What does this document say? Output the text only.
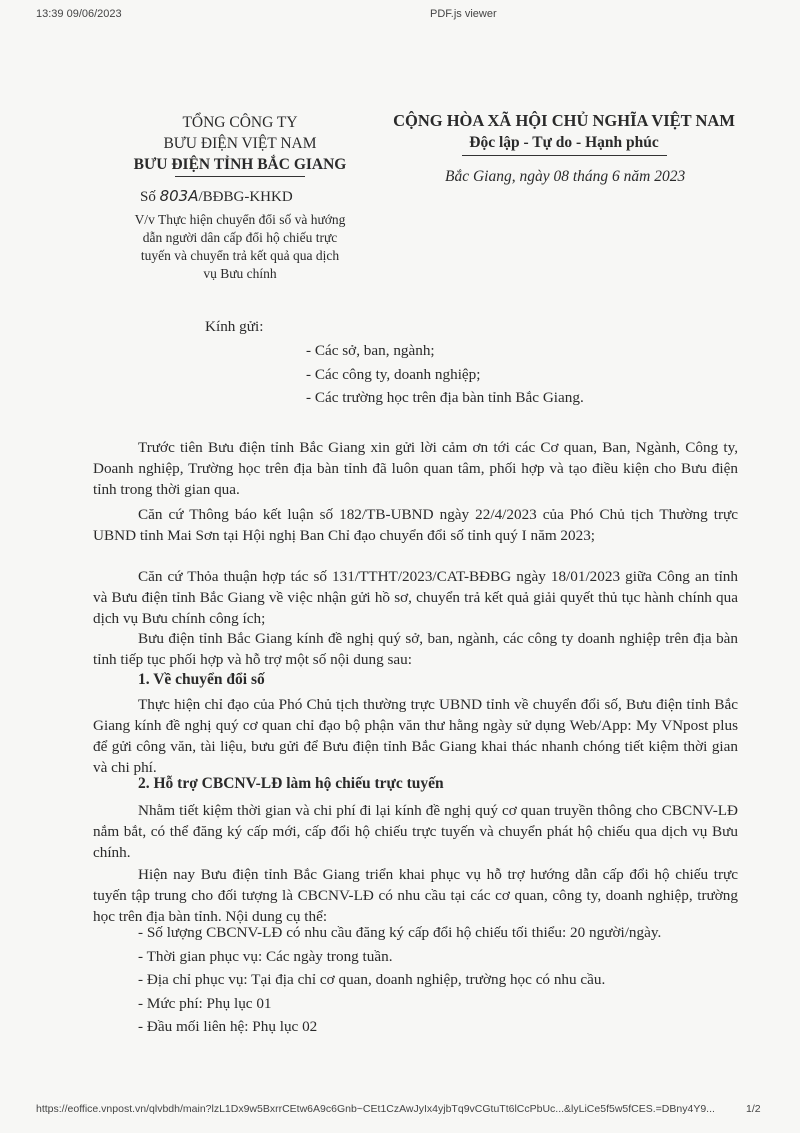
13:39 09/06/2023	PDF.js viewer
TỔNG CÔNG TY
BƯU ĐIỆN VIỆT NAM
BƯU ĐIỆN TỈNH BẮC GIANG
CỘNG HÒA XÃ HỘI CHỦ NGHĨA VIỆT NAM
Độc lập - Tự do - Hạnh phúc
Số 803A/BĐBG-KHKD
Bắc Giang, ngày 08 tháng 6 năm 2023
V/v Thực hiện chuyển đổi số và hướng
dẫn người dân cấp đổi hộ chiếu trực
tuyến và chuyển trả kết quả qua dịch
vụ Bưu chính
Kính gửi:
- Các sở, ban, ngành;
- Các công ty, doanh nghiệp;
- Các trường học trên địa bàn tỉnh Bắc Giang.
Trước tiên Bưu điện tỉnh Bắc Giang xin gửi lời cảm ơn tới các Cơ quan, Ban, Ngành, Công ty, Doanh nghiệp, Trường học trên địa bàn tỉnh đã luôn quan tâm, phối hợp và tạo điều kiện cho Bưu điện tỉnh trong thời gian qua.
Căn cứ Thông báo kết luận số 182/TB-UBND ngày 22/4/2023 của Phó Chủ tịch Thường trực UBND tỉnh Mai Sơn tại Hội nghị Ban Chỉ đạo chuyển đổi số tỉnh quý I năm 2023;
Căn cứ Thỏa thuận hợp tác số 131/TTHT/2023/CAT-BĐBG ngày 18/01/2023 giữa Công an tỉnh và Bưu điện tỉnh Bắc Giang về việc nhận gửi hồ sơ, chuyển trả kết quả giải quyết thủ tục hành chính qua dịch vụ Bưu chính công ích;
Bưu điện tỉnh Bắc Giang kính đề nghị quý sở, ban, ngành, các công ty doanh nghiệp trên địa bàn tỉnh tiếp tục phối hợp và hỗ trợ một số nội dung sau:
1. Về chuyển đổi số
Thực hiện chỉ đạo của Phó Chủ tịch thường trực UBND tỉnh về chuyển đổi số, Bưu điện tỉnh Bắc Giang kính đề nghị quý cơ quan chỉ đạo bộ phận văn thư hằng ngày sử dụng Web/App: My VNpost plus để gửi công văn, tài liệu, bưu gửi để Bưu điện tỉnh Bắc Giang khai thác nhanh chóng tiết kiệm thời gian và chi phí.
2. Hỗ trợ CBCNV-LĐ làm hộ chiếu trực tuyến
Nhằm tiết kiệm thời gian và chi phí đi lại kính đề nghị quý cơ quan truyền thông cho CBCNV-LĐ nắm bắt, có thể đăng ký cấp mới, cấp đổi hộ chiếu trực tuyến và chuyển phát hộ chiếu qua dịch vụ Bưu chính.
Hiện nay Bưu điện tỉnh Bắc Giang triển khai phục vụ hỗ trợ hướng dẫn cấp đổi hộ chiếu trực tuyến tập trung cho đối tượng là CBCNV-LĐ có nhu cầu tại các cơ quan, công ty, doanh nghiệp, trường học trên địa bàn tỉnh. Nội dung cụ thể:
- Số lượng CBCNV-LĐ có nhu cầu đăng ký cấp đổi hộ chiếu tối thiểu: 20 người/ngày.
- Thời gian phục vụ: Các ngày trong tuần.
- Địa chỉ phục vụ: Tại địa chỉ cơ quan, doanh nghiệp, trường học có nhu cầu.
- Mức phí: Phụ lục 01
- Đầu mối liên hệ: Phụ lục 02
https://eoffice.vnpost.vn/qlvbdh/main?lzL1Dx9w5BxrrCEtw6A9c6Gnb~CEt1CzAwJyIx4yjbTq9vCGtuTt6lCcPbUc...&lyLiCe5f5w5fCES.=DBny4Y9...	1/2
